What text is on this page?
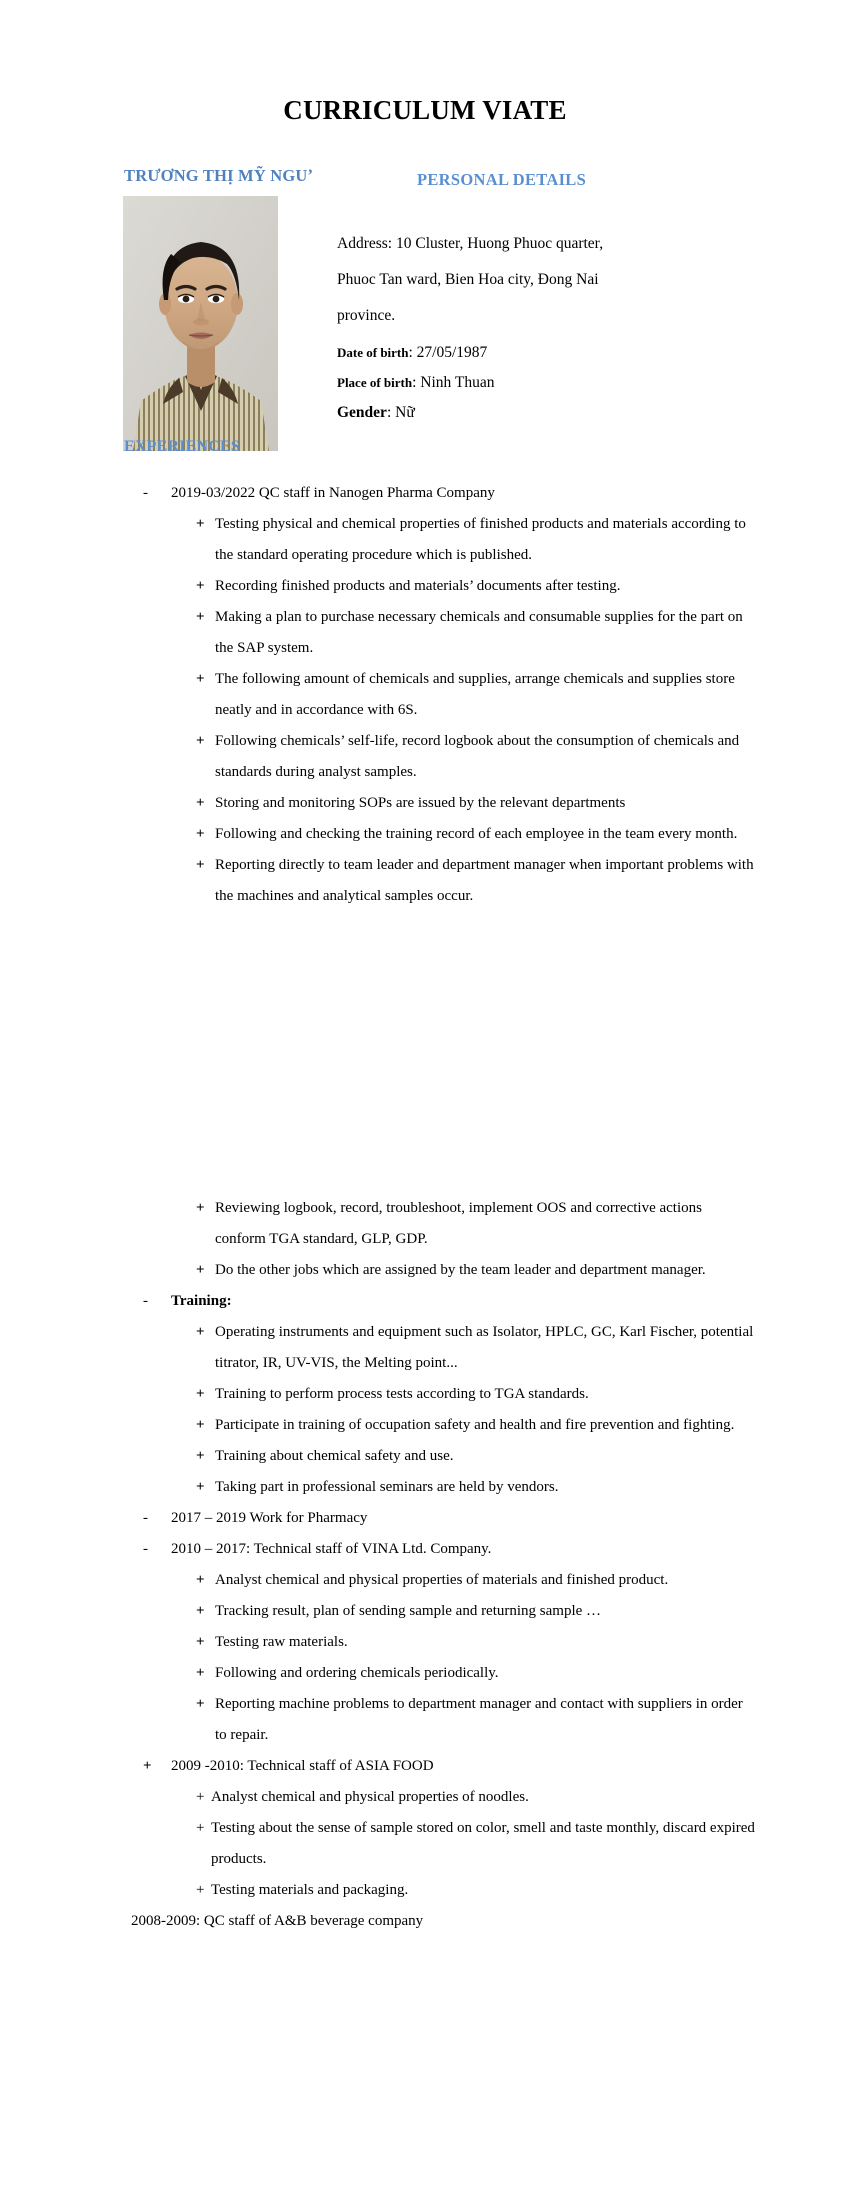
CURRICULUM VIATE
TRƯƠNG THỊ MỸ NGUʼ	PERSONAL DETAILS
Address: 10 Cluster, Huong Phuoc quarter,
Phuoc Tan ward, Bien Hoa city, Đong Nai
province.
Date of birth: 27/05/1987
Place of birth: Ninh Thuan
Gender: Nữ
EXPERIENCES
- 2019-03/2022 QC staff in Nanogen Pharma Company
+ Testing physical and chemical properties of finished products and materials according to the standard operating procedure which is published.
+ Recording finished products and materials’ documents after testing.
+ Making a plan to purchase necessary chemicals and consumable supplies for the part on the SAP system.
+ The following amount of chemicals and supplies, arrange chemicals and supplies store neatly and in accordance with 6S.
+ Following chemicals’ self-life, record logbook about the consumption of chemicals and standards during analyst samples.
+ Storing and monitoring SOPs are issued by the relevant departments
+ Following and checking the training record of each employee in the team every month.
+ Reporting directly to team leader and department manager when important problems with the machines and analytical samples occur.
+ Reviewing logbook, record, troubleshoot, implement OOS and corrective actions conform TGA standard, GLP, GDP.
+ Do the other jobs which are assigned by the team leader and department manager.
- Training:
+ Operating instruments and equipment such as Isolator, HPLC, GC, Karl Fischer, potential titrator, IR, UV-VIS, the Melting point...
+ Training to perform process tests according to TGA standards.
+ Participate in training of occupation safety and health and fire prevention and fighting.
+ Training about chemical safety and use.
+ Taking part in professional seminars are held by vendors.
- 2017 – 2019 Work for Pharmacy
- 2010 – 2017: Technical staff of VINA Ltd. Company.
+ Analyst chemical and physical properties of materials and finished product.
+ Tracking result, plan of sending sample and returning sample …
+ Testing raw materials.
+ Following and ordering chemicals periodically.
+ Reporting machine problems to department manager and contact with suppliers in order to repair.
+ 2009 -2010: Technical staff of ASIA FOOD
+ Analyst chemical and physical properties of noodles.
+ Testing about the sense of sample stored on color, smell and taste monthly, discard expired products.
+ Testing materials and packaging.
2008-2009: QC staff of A&B beverage company
